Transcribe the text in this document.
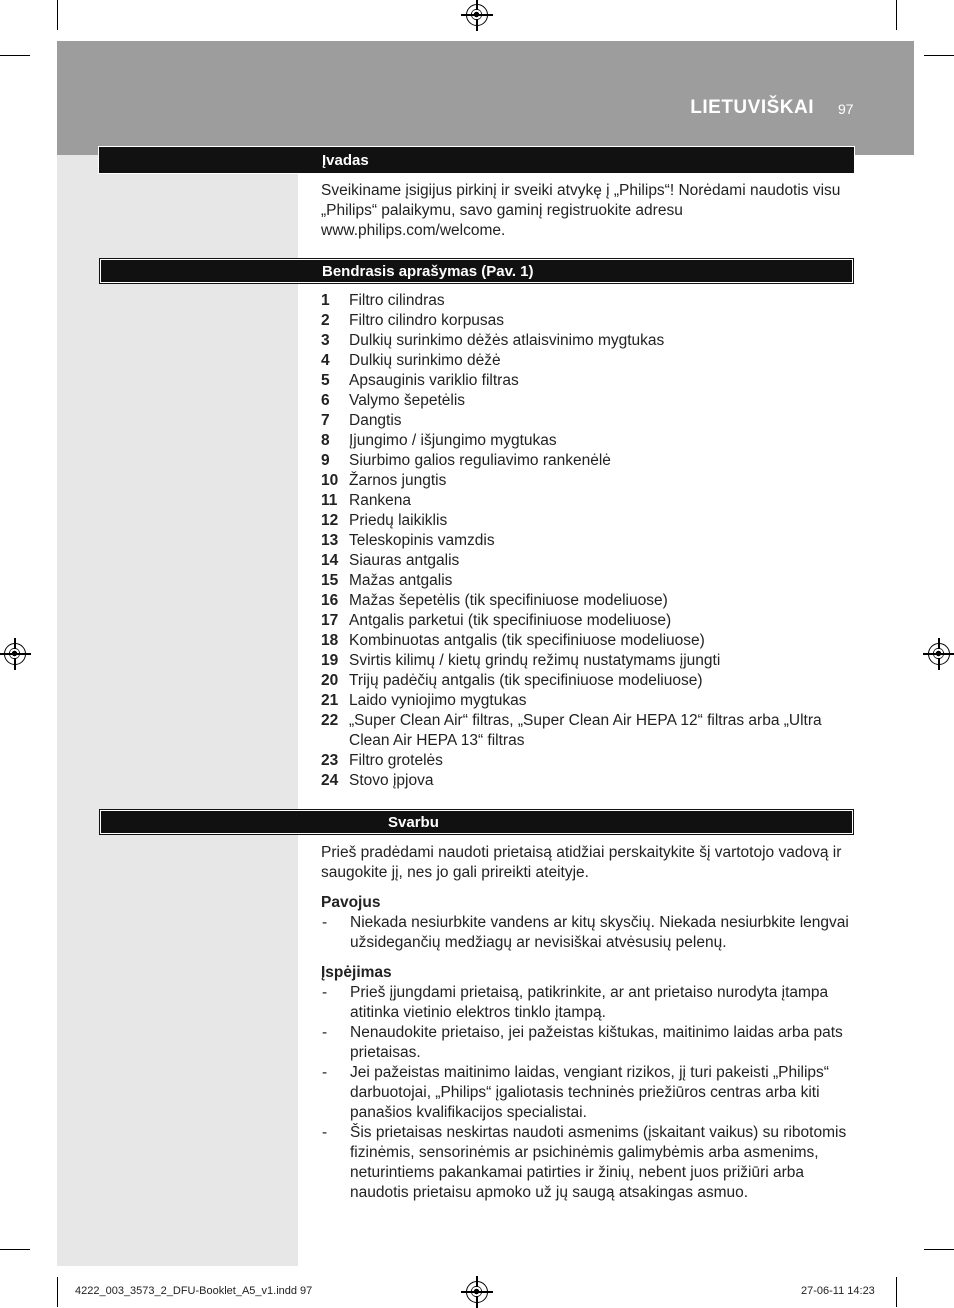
LIETUVIŠKAI 97
Įvadas
Sveikiname įsigijus pirkinį ir sveiki atvykę į „Philips“! Norėdami naudotis visu „Philips“ palaikymu, savo gaminį registruokite adresu www.philips.com/welcome.
Bendrasis aprašymas (Pav. 1)
1	Filtro cilindras
2	Filtro cilindro korpusas
3	Dulkių surinkimo dėžės atlaisvinimo mygtukas
4	Dulkių surinkimo dėžė
5	Apsauginis variklio filtras
6	Valymo šepetėlis
7	Dangtis
8	Įjungimo / išjungimo mygtukas
9	Siurbimo galios reguliavimo rankenėlė
10 Žarnos jungtis
11 Rankena
12 Priedų laikiklis
13 Teleskopinis vamzdis
14 Siauras antgalis
15 Mažas antgalis
16 Mažas šepetėlis (tik specifiniuose modeliuose)
17 Antgalis parketui (tik specifiniuose modeliuose)
18 Kombinuotas antgalis (tik specifiniuose modeliuose)
19 Svirtis kilimų / kietų grindų režimų nustatymams įjungti
20 Trijų padėčių antgalis (tik specifiniuose modeliuose)
21 Laido vyniojimo mygtukas
22 „Super Clean Air“ filtras, „Super Clean Air HEPA 12“ filtras arba „Ultra Clean Air HEPA 13“ filtras
23 Filtro grotelės
24 Stovo įpjova
Svarbu

Prieš pradėdami naudoti prietaisą atidžiai perskaitykite šį vartotojo vadovą ir saugokite jį, nes jo gali prireikti ateityje.

Pavojus

-	Niekada nesiurbkite vandens ar kitų skysčių. Niekada nesiurbkite lengvai užsidegančių medžiagų ar nevisiškai atvėsusių pelenų.

Įspėjimas

-	Prieš įjungdami prietaisą, patikrinkite, ar ant prietaiso nurodyta įtampa atitinka vietinio elektros tinklo įtampą.
-	Nenaudokite prietaiso, jei pažeistas kištukas, maitinimo laidas arba pats prietaisas.
-	Jei pažeistas maitinimo laidas, vengiant rizikos, jį turi pakeisti „Philips“ darbuotojai, „Philips“ įgaliotasis techninės priežiūros centras arba kiti panašios kvalifikacijos specialistai.
-	Šis prietaisas neskirtas naudoti asmenims (įskaitant vaikus) su ribotomis fizinėmis, sensorinėmis ar psichinėmis galimybėmis arba asmenims, neturintiems pakankamai patirties ir žinių, nebent juos prižiūri arba naudotis prietaisu apmoko už jų saugą atsakingas asmuo.
4222_003_3573_2_DFU-Booklet_A5_v1.indd 97	27-06-11 14:23
